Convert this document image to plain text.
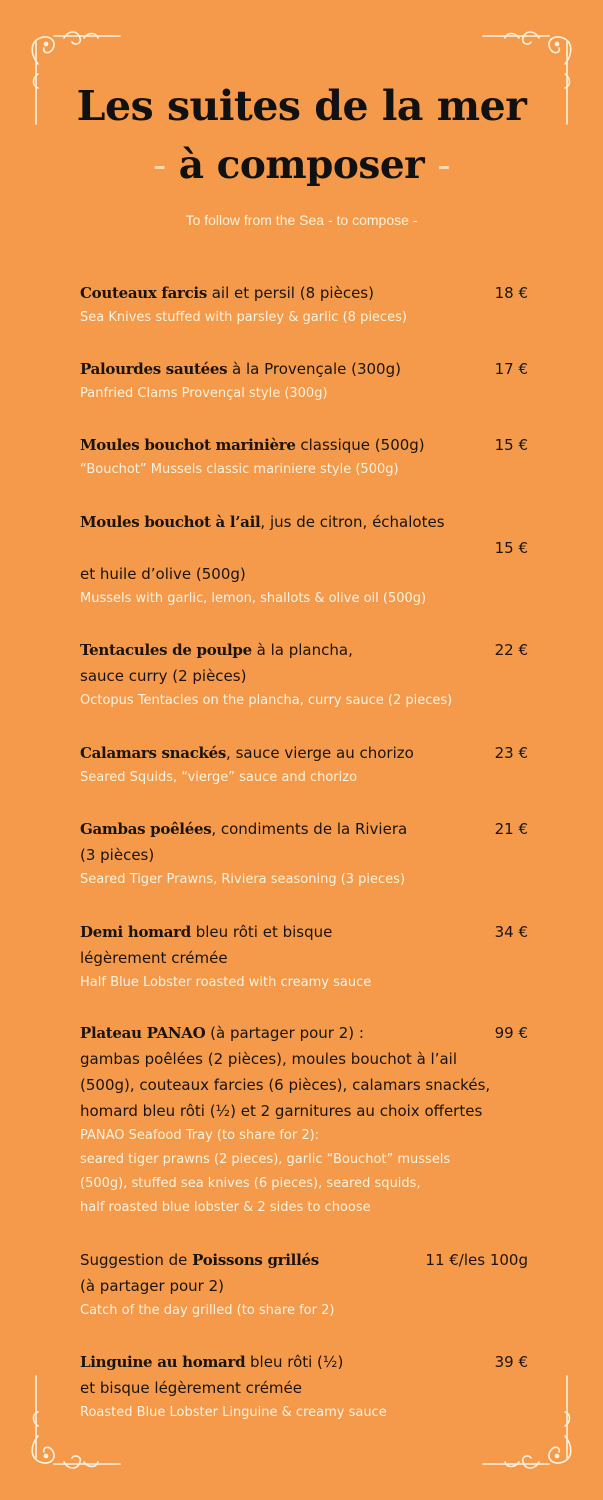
Les suites de la mer
- à composer -
To follow from the Sea - to compose -
Couteaux farcis ail et persil (8 pièces)
Sea Knives stuffed with parsley & garlic (8 pieces)
18 €
Palourdes sautées à la Provençale (300g)
Panfried Clams Provençal style (300g)
17 €
Moules bouchot marinière classique (500g)
“Bouchot” Mussels classic mariniere style (500g)
15 €
Moules bouchot à l’ail, jus de citron, échalotes
et huile d’olive (500g)
Mussels with garlic, lemon, shallots & olive oil (500g)
15 €
Tentacules de poulpe à la plancha,
sauce curry (2 pièces)
Octopus Tentacles on the plancha, curry sauce (2 pieces)
22 €
Calamars snackés, sauce vierge au chorizo
Seared Squids, “vierge” sauce and chorizo
23 €
Gambas poêlées, condiments de la Riviera
(3 pièces)
Seared Tiger Prawns, Riviera seasoning (3 pieces)
21 €
Demi homard bleu rôti et bisque
légèrement crémée
Half Blue Lobster roasted with creamy sauce
34 €
Plateau PANAO (à partager pour 2) :
gambas poêlées (2 pièces), moules bouchot à l’ail
(500g), couteaux farcies (6 pièces), calamars snackés,
homard bleu rôti (½) et 2 garnitures au choix offertes
PANAO Seafood Tray (to share for 2):
seared tiger prawns (2 pieces), garlic “Bouchot” mussels
(500g), stuffed sea knives (6 pieces), seared squids,
half roasted blue lobster & 2 sides to choose
99 €
Suggestion de Poissons grillés
(à partager pour 2)
Catch of the day grilled (to share for 2)
11 €/les 100g
Linguine au homard bleu rôti (½)
et bisque légèrement crémée
Roasted Blue Lobster Linguine & creamy sauce
39 €
